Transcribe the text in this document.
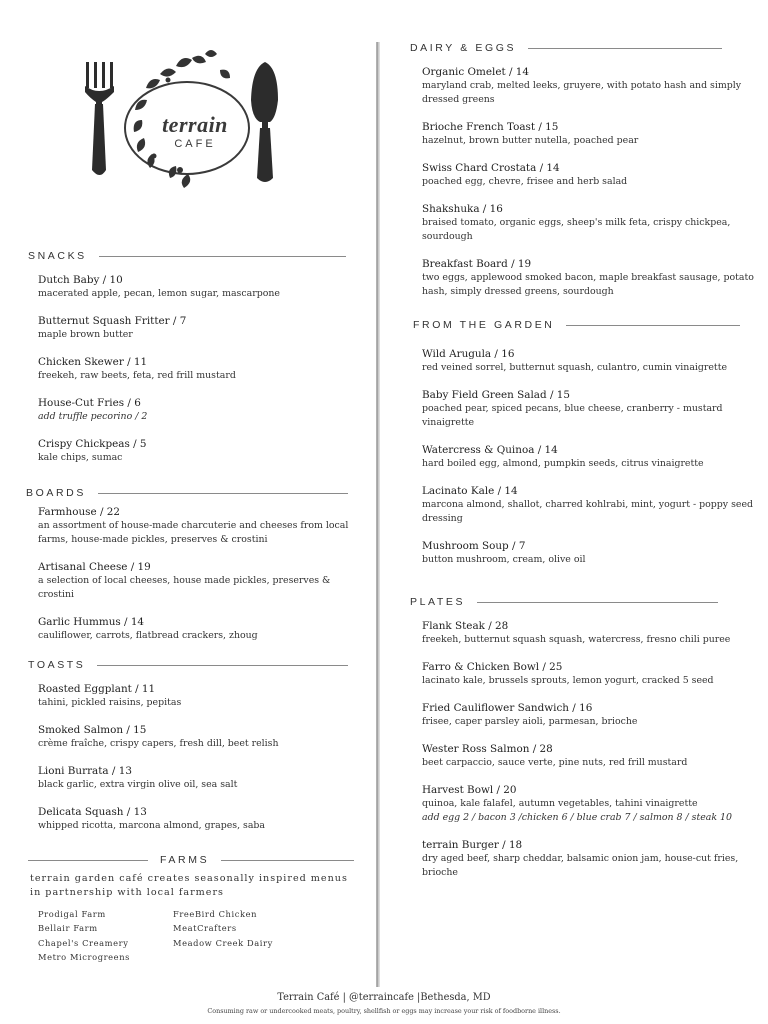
terrain
CAFE
SNACKS
Dutch Baby / 10
macerated apple, pecan, lemon sugar, mascarpone
Butternut Squash Fritter / 7
maple brown butter
Chicken Skewer / 11
freekeh, raw beets, feta, red frill mustard
House-Cut Fries / 6
add truffle pecorino / 2
Crispy Chickpeas / 5
kale chips, sumac
BOARDS
Farmhouse / 22
an assortment of house-made charcuterie and cheeses from local farms, house-made pickles, preserves & crostini
Artisanal Cheese / 19
a selection of local cheeses, house made pickles, preserves & crostini
Garlic Hummus / 14
cauliflower, carrots, flatbread crackers, zhoug
TOASTS
Roasted Eggplant / 11
tahini, pickled raisins, pepitas
Smoked Salmon / 15
crème fraîche, crispy capers, fresh dill, beet relish
Lioni Burrata / 13
black garlic, extra virgin olive oil, sea salt
Delicata Squash / 13
whipped ricotta, marcona almond, grapes, saba
FARMS
terrain garden café creates seasonally inspired menus in partnership with local farmers
Prodigal Farm
Bellair Farm
Chapel's Creamery
Metro Microgreens
FreeBird Chicken
MeatCrafters
Meadow Creek Dairy
DAIRY & EGGS
Organic Omelet / 14
maryland crab, melted leeks, gruyere, with potato hash and simply dressed greens
Brioche French Toast / 15
hazelnut, brown butter nutella, poached pear
Swiss Chard Crostata / 14
poached egg, chevre, frisee and herb salad
Shakshuka / 16
braised tomato, organic eggs, sheep's milk feta, crispy chickpea, sourdough
Breakfast Board / 19
two eggs, applewood smoked bacon, maple breakfast sausage, potato hash, simply dressed greens, sourdough
FROM THE GARDEN
Wild Arugula / 16
red veined sorrel, butternut squash, culantro, cumin vinaigrette
Baby Field Green Salad / 15
poached pear, spiced pecans, blue cheese, cranberry - mustard vinaigrette
Watercress & Quinoa / 14
hard boiled egg, almond, pumpkin seeds, citrus vinaigrette
Lacinato Kale / 14
marcona almond, shallot, charred kohlrabi, mint, yogurt - poppy seed dressing
Mushroom Soup / 7
button mushroom, cream, olive oil
PLATES
Flank Steak / 28
freekeh, butternut squash squash, watercress, fresno chili puree
Farro & Chicken Bowl / 25
lacinato kale, brussels sprouts, lemon yogurt, cracked 5 seed
Fried Cauliflower Sandwich / 16
frisee, caper parsley aioli, parmesan, brioche
Wester Ross Salmon / 28
beet carpaccio, sauce verte, pine nuts, red frill mustard
Harvest Bowl / 20
quinoa, kale falafel, autumn vegetables, tahini vinaigrette
add egg 2 / bacon 3 /chicken 6 / blue crab 7 / salmon 8 / steak 10
terrain Burger / 18
dry aged beef, sharp cheddar, balsamic onion jam, house-cut fries, brioche
Terrain Café | @terraincafe |Bethesda, MD
Consuming raw or undercooked meats, poultry, shellfish or eggs may increase your risk of foodborne illness.
